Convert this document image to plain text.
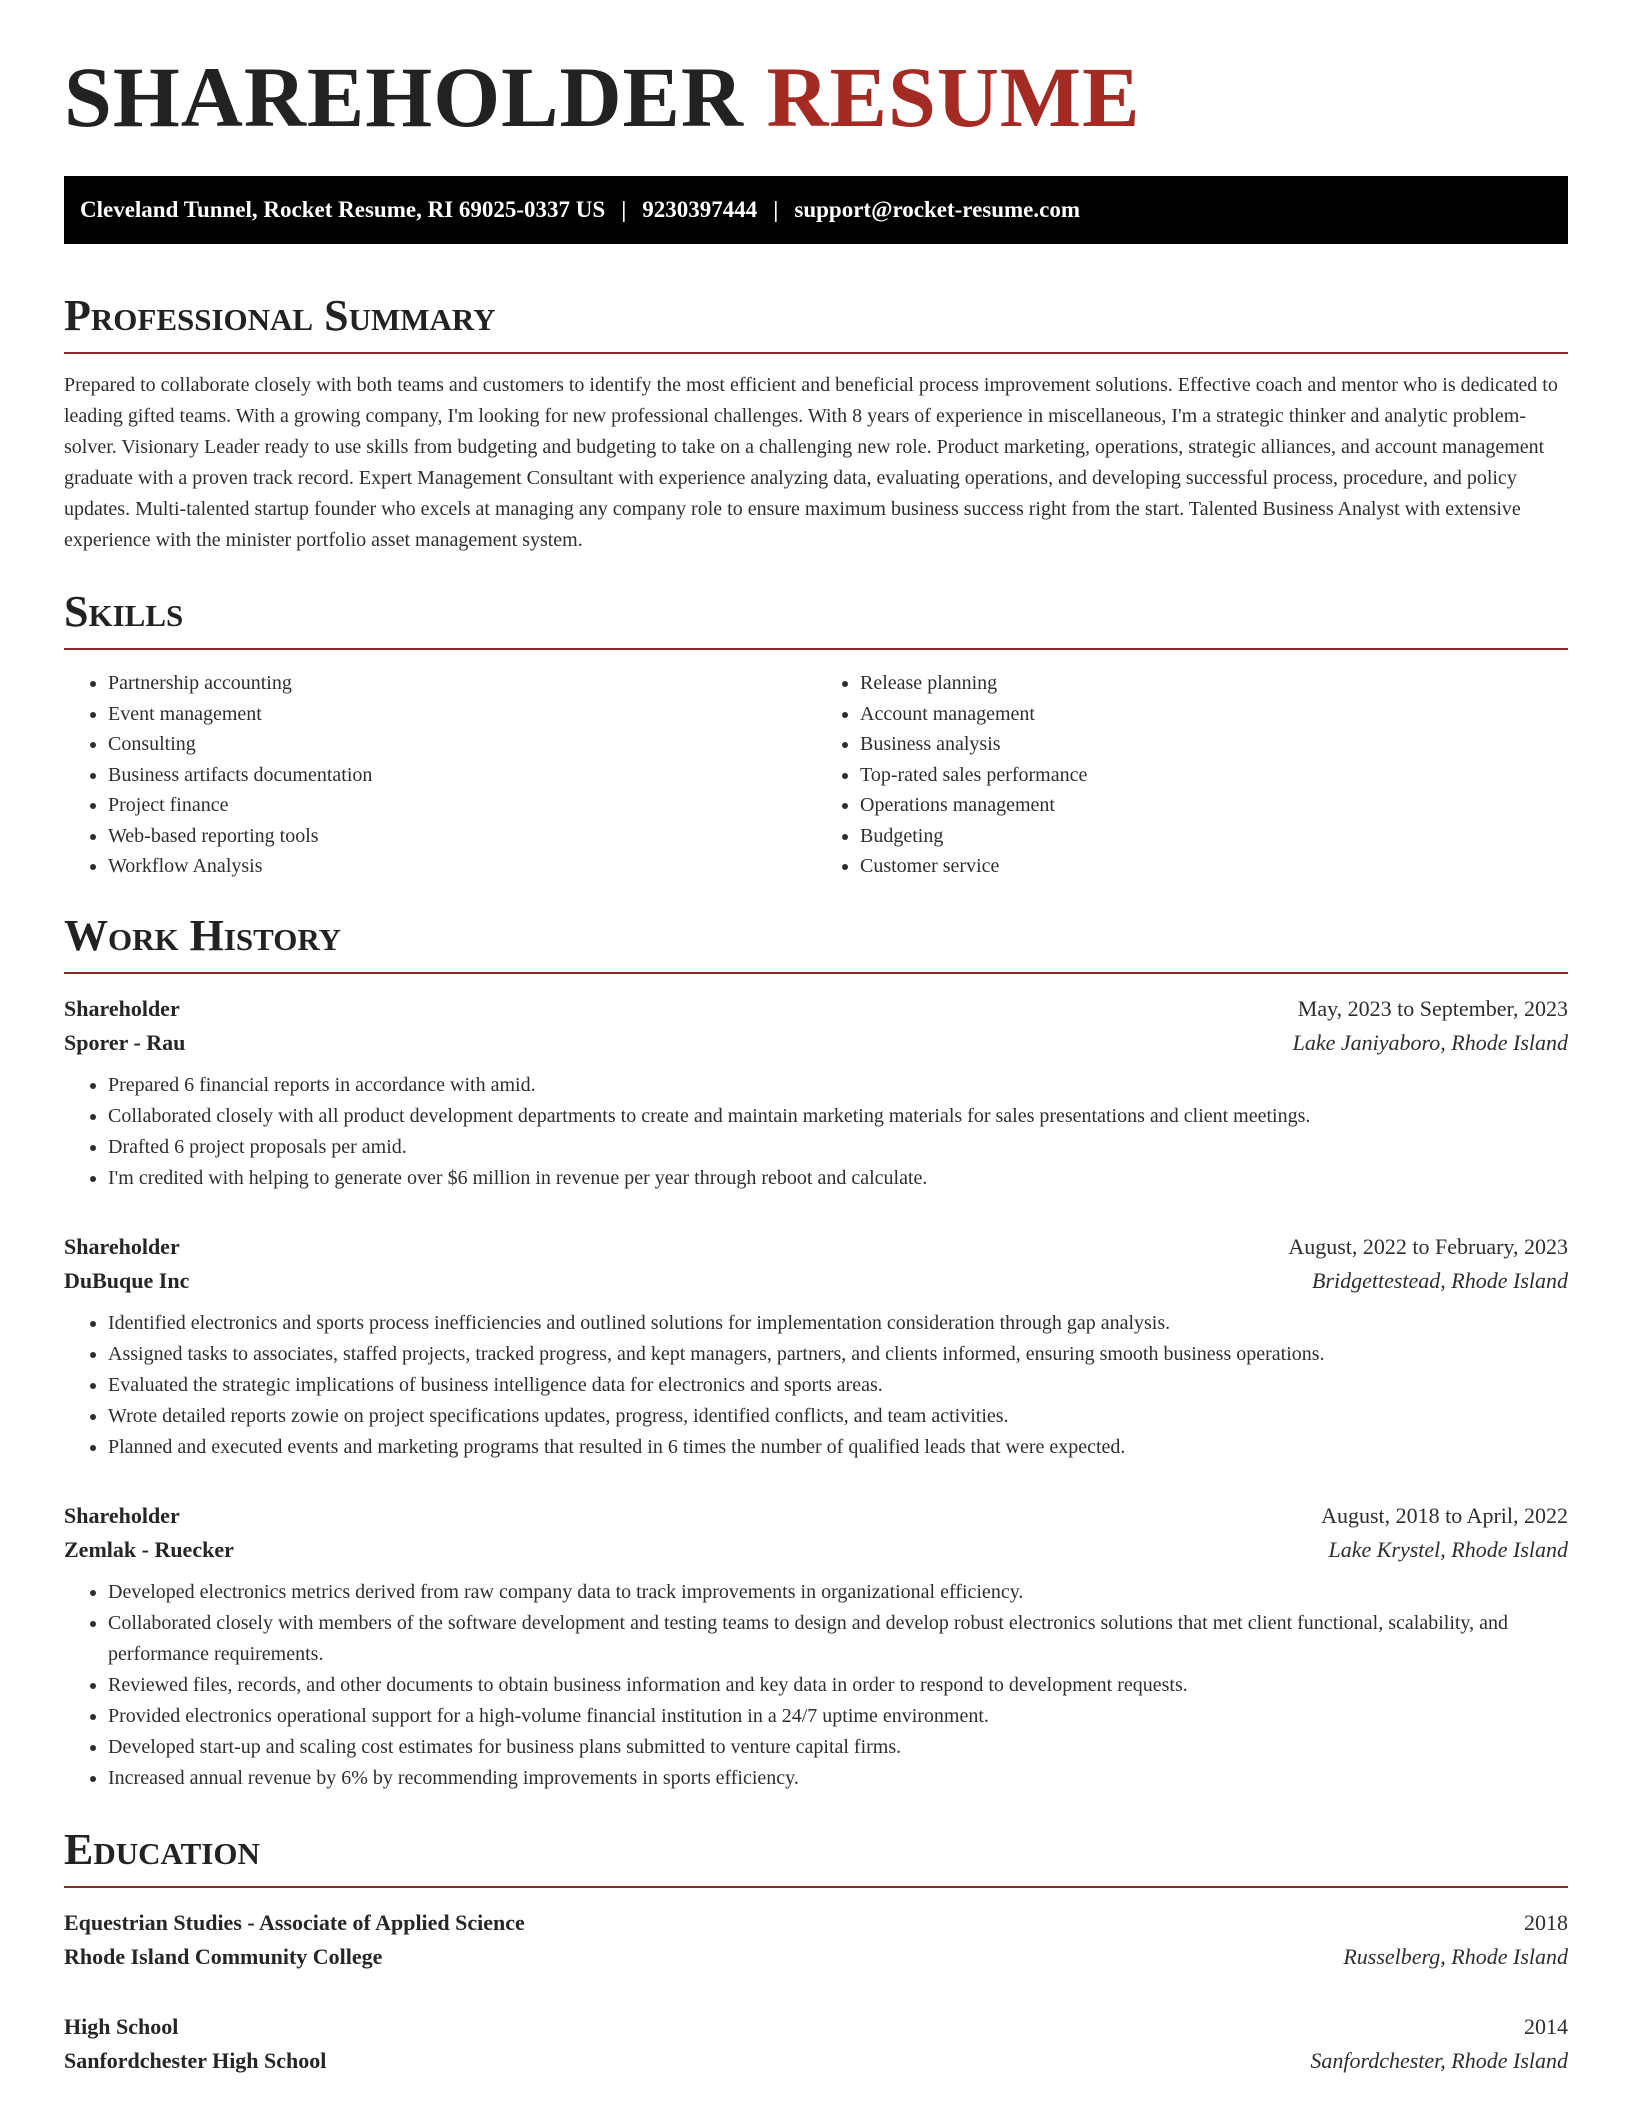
SHAREHOLDER RESUME
Cleveland Tunnel, Rocket Resume, RI 69025-0337 US | 9230397444 | support@rocket-resume.com
Professional Summary

Prepared to collaborate closely with both teams and customers to identify the most efficient and beneficial process improvement solutions. Effective coach and mentor who is dedicated to leading gifted teams. With a growing company, I'm looking for new professional challenges. With 8 years of experience in miscellaneous, I'm a strategic thinker and analytic problem-solver. Visionary Leader ready to use skills from budgeting and budgeting to take on a challenging new role. Product marketing, operations, strategic alliances, and account management graduate with a proven track record. Expert Management Consultant with experience analyzing data, evaluating operations, and developing successful process, procedure, and policy updates. Multi-talented startup founder who excels at managing any company role to ensure maximum business success right from the start. Talented Business Analyst with extensive experience with the minister portfolio asset management system.

Skills
• Partnership accounting
• Event management
• Consulting
• Business artifacts documentation
• Project finance
• Web-based reporting tools
• Workflow Analysis
• Release planning
• Account management
• Business analysis
• Top-rated sales performance
• Operations management
• Budgeting
• Customer service
Work History
Shareholder	May, 2023 to September, 2023
Sporer - Rau	Lake Janiyaboro, Rhode Island
• Prepared 6 financial reports in accordance with amid.
• Collaborated closely with all product development departments to create and maintain marketing materials for sales presentations and client meetings.
• Drafted 6 project proposals per amid.
• I'm credited with helping to generate over $6 million in revenue per year through reboot and calculate.
Shareholder	August, 2022 to February, 2023
DuBuque Inc	Bridgettestead, Rhode Island
• Identified electronics and sports process inefficiencies and outlined solutions for implementation consideration through gap analysis.
• Assigned tasks to associates, staffed projects, tracked progress, and kept managers, partners, and clients informed, ensuring smooth business operations.
• Evaluated the strategic implications of business intelligence data for electronics and sports areas.
• Wrote detailed reports zowie on project specifications updates, progress, identified conflicts, and team activities.
• Planned and executed events and marketing programs that resulted in 6 times the number of qualified leads that were expected.
Shareholder	August, 2018 to April, 2022
Zemlak - Ruecker	Lake Krystel, Rhode Island
• Developed electronics metrics derived from raw company data to track improvements in organizational efficiency.
• Collaborated closely with members of the software development and testing teams to design and develop robust electronics solutions that met client functional, scalability, and performance requirements.
• Reviewed files, records, and other documents to obtain business information and key data in order to respond to development requests.
• Provided electronics operational support for a high-volume financial institution in a 24/7 uptime environment.
• Developed start-up and scaling cost estimates for business plans submitted to venture capital firms.
• Increased annual revenue by 6% by recommending improvements in sports efficiency.
Education
Equestrian Studies - Associate of Applied Science	2018
Rhode Island Community College	Russelberg, Rhode Island
High School	2014
Sanfordchester High School	Sanfordchester, Rhode Island
